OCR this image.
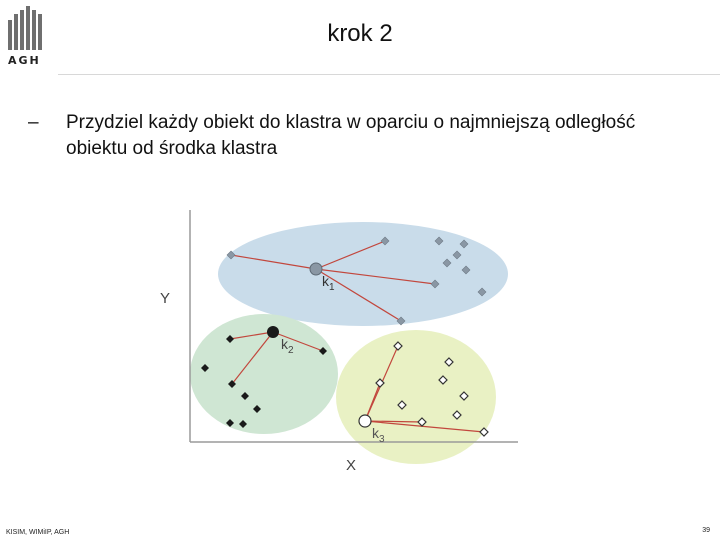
AGH
krok 2
–	Przydziel każdy obiekt do klastra w oparciu o najmniejszą odległość obiektu od środka klastra
Y
X
$k_1$
$k_2$
$k_3$
KISIM, WIMiIP, AGH	39
